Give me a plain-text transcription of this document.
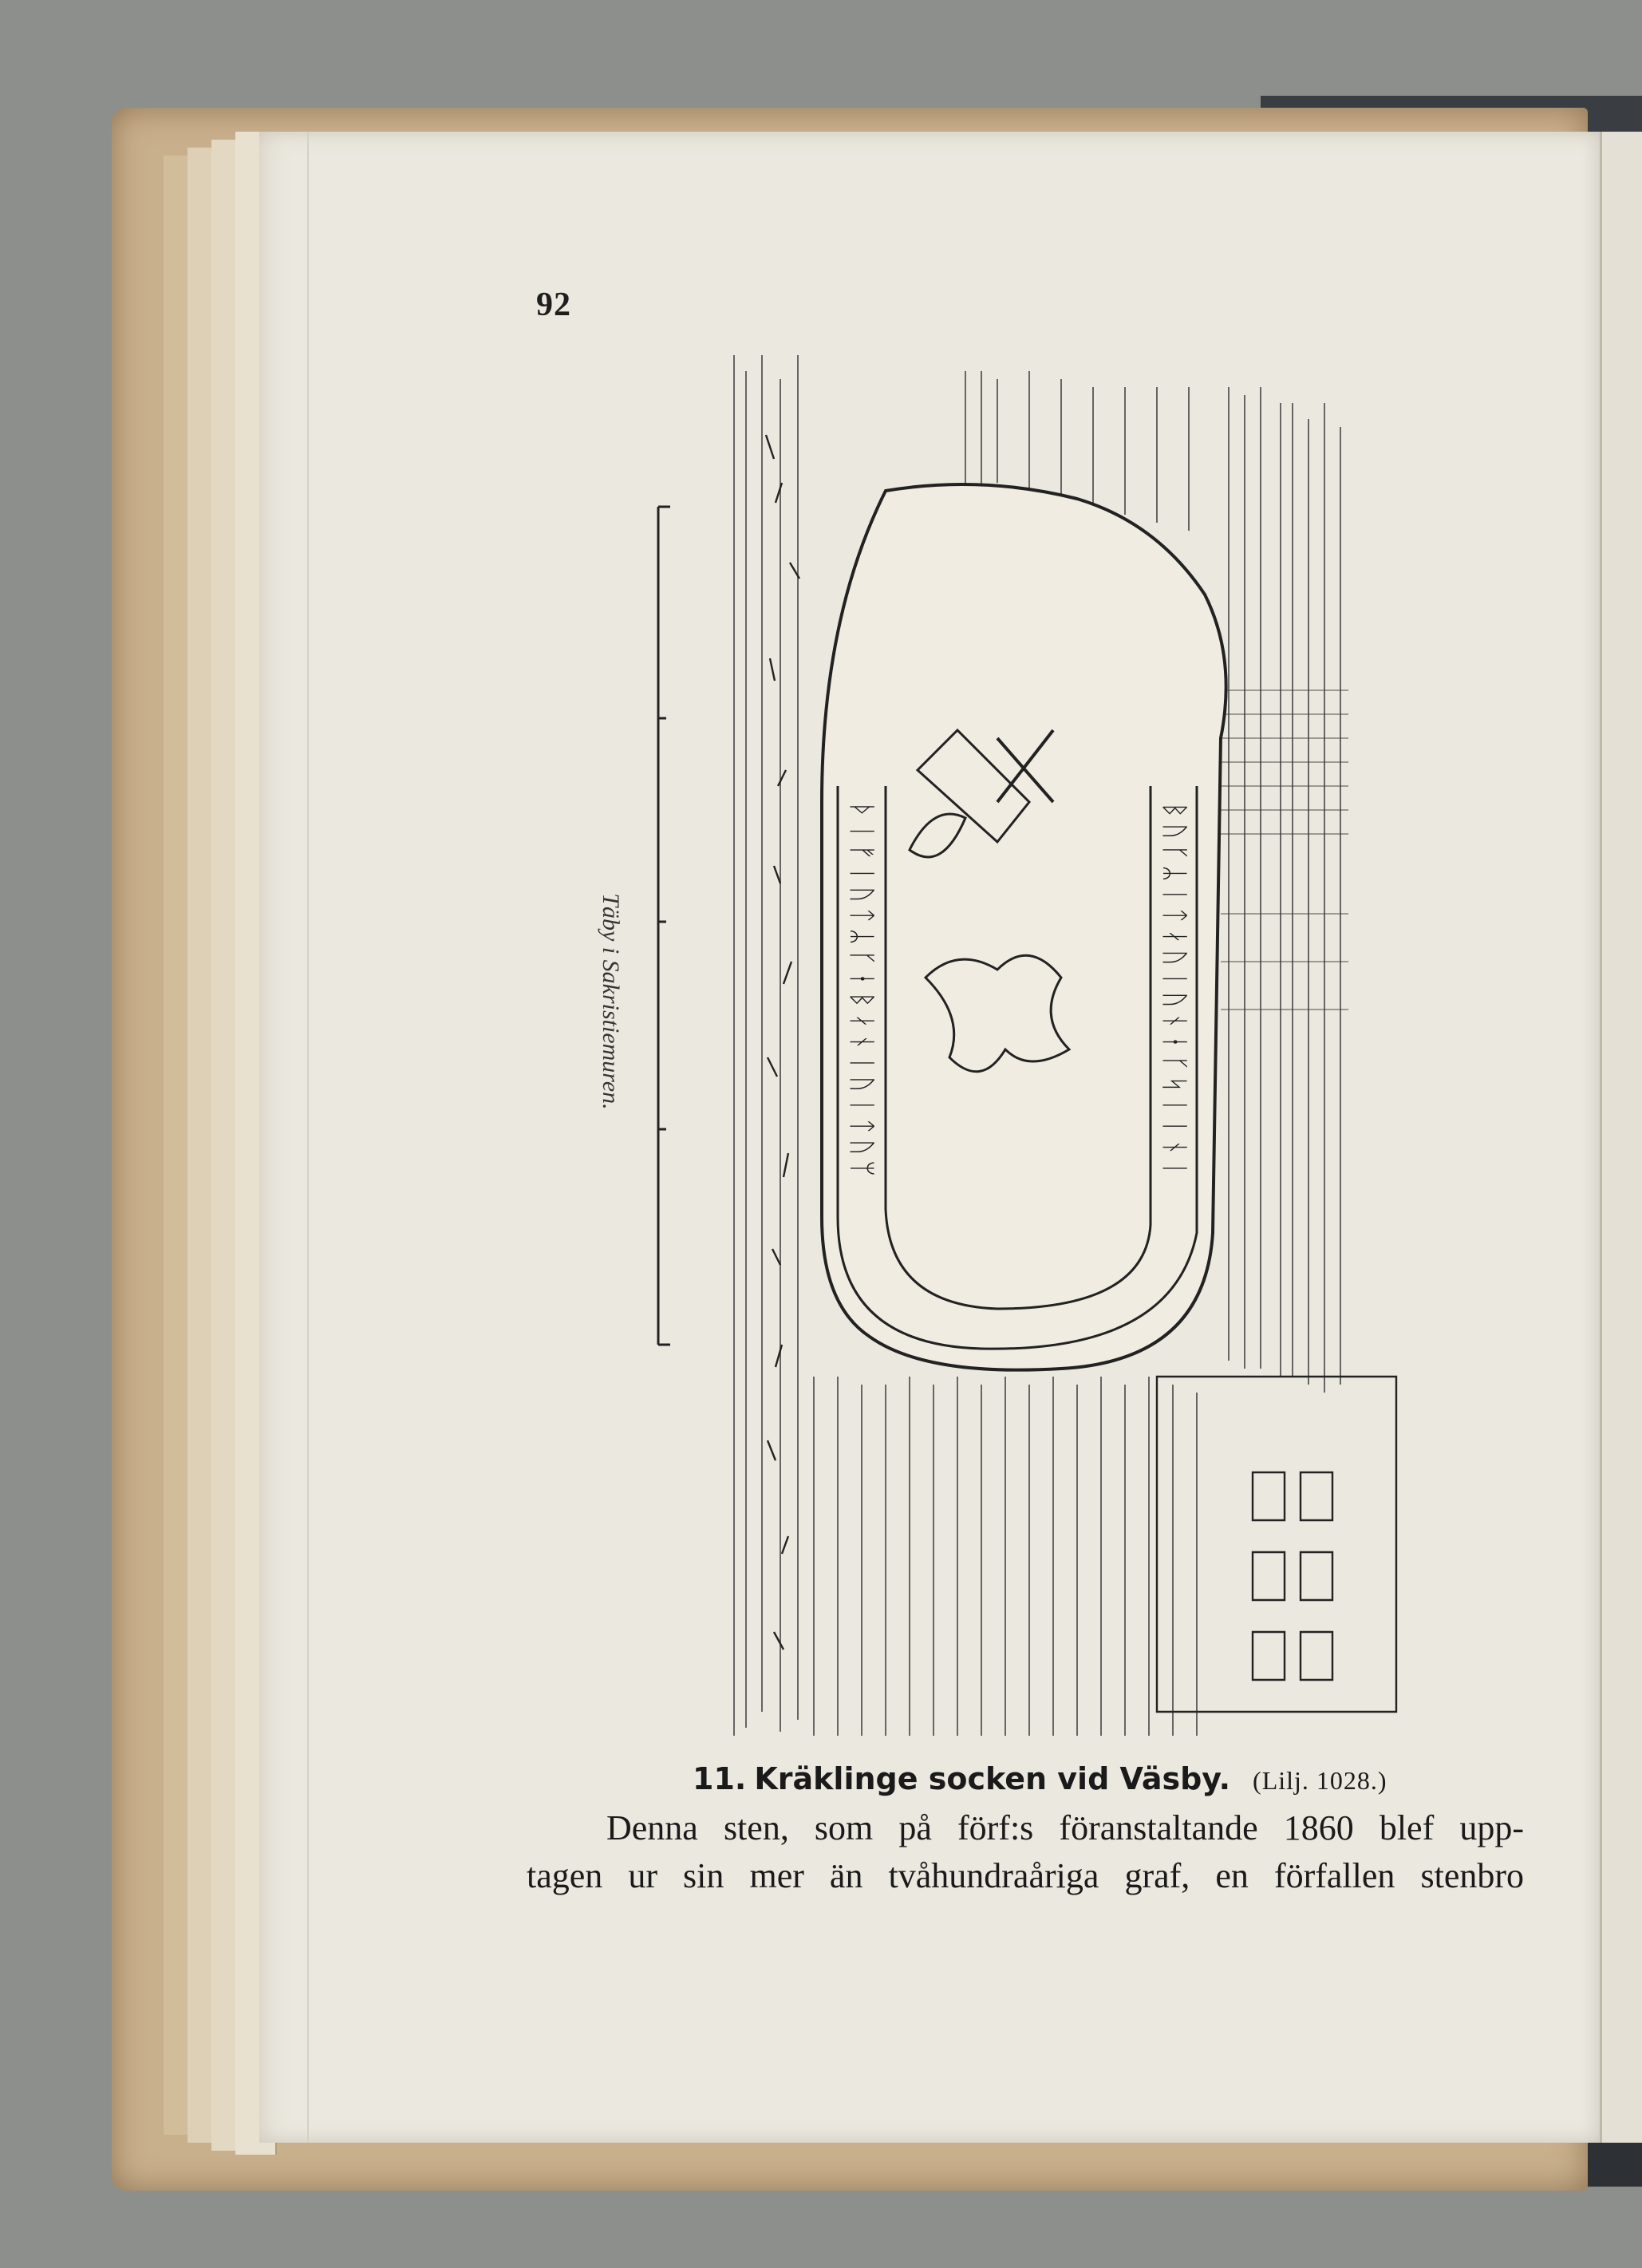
92
ᚦᛁᚠᛁᚢᛏᛦᚴᚽᛒᛅᚾᛁᚢᛁᛏᚢᛘ	ᛒᚢᚴᛦᛁᛏᛅᚢᛁᚢᚾᚽᚴᛋᛁᛁᚾᛁ
Täby i Sakristiemuren.
11. Kräklinge socken vid Väsby. (Lilj. 1028.)
Denna sten, som på förf:s föranstaltande 1860 blef upp-
tagen ur sin mer än tvåhundraåriga graf, en förfallen stenbro
